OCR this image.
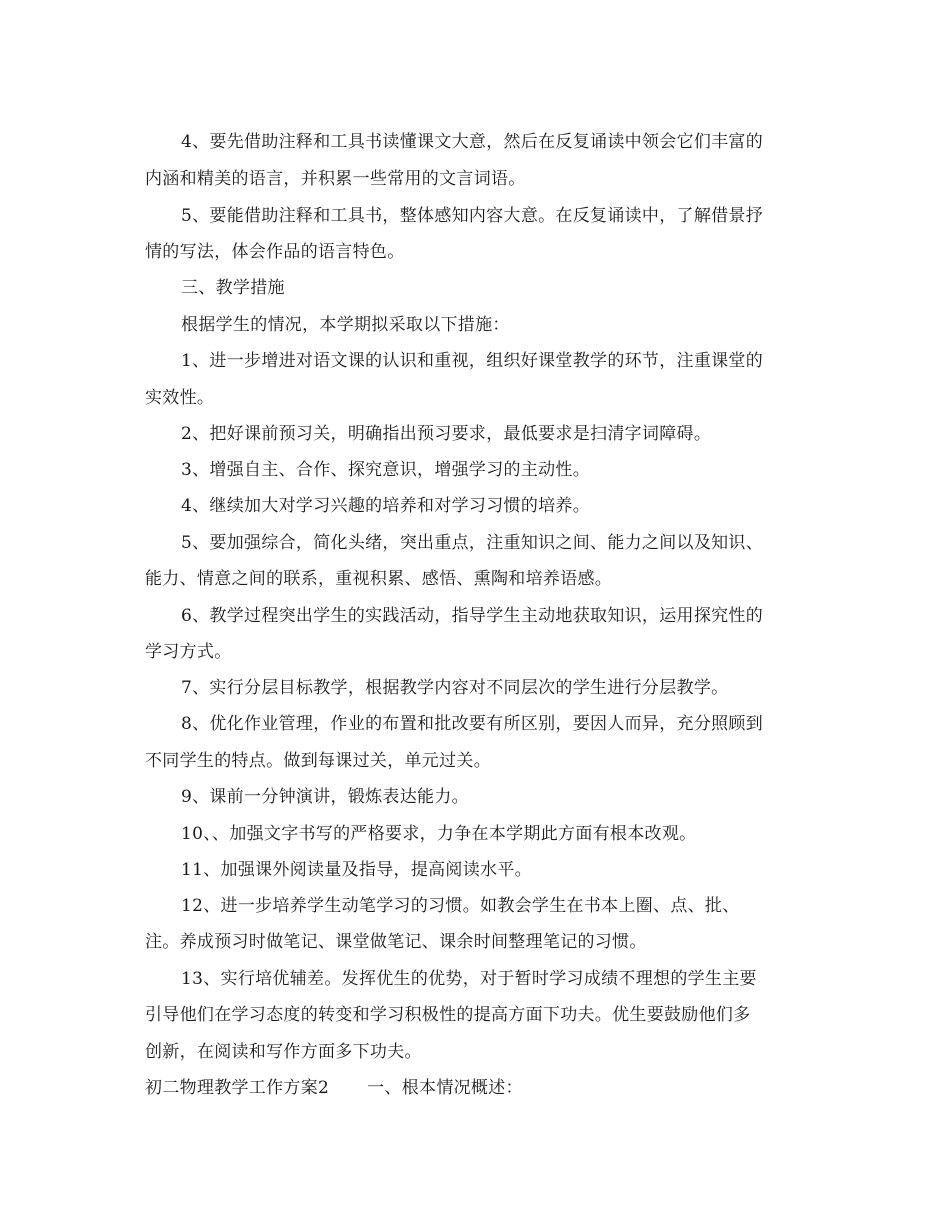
4、要先借助注释和工具书读懂课文大意，然后在反复诵读中领会它们丰富的
内涵和精美的语言，并积累一些常用的文言词语。
5、要能借助注释和工具书，整体感知内容大意。在反复诵读中，了解借景抒
情的写法，体会作品的语言特色。
三、教学措施
根据学生的情况，本学期拟采取以下措施：
1、进一步增进对语文课的认识和重视，组织好课堂教学的环节，注重课堂的
实效性。
2、把好课前预习关，明确指出预习要求，最低要求是扫清字词障碍。
3、增强自主、合作、探究意识，增强学习的主动性。
4、继续加大对学习兴趣的培养和对学习习惯的培养。
5、要加强综合，简化头绪，突出重点，注重知识之间、能力之间以及知识、
能力、情意之间的联系，重视积累、感悟、熏陶和培养语感。
6、教学过程突出学生的实践活动，指导学生主动地获取知识，运用探究性的
学习方式。
7、实行分层目标教学，根据教学内容对不同层次的学生进行分层教学。
8、优化作业管理，作业的布置和批改要有所区别，要因人而异，充分照顾到
不同学生的特点。做到每课过关，单元过关。
9、课前一分钟演讲，锻炼表达能力。
10、、加强文字书写的严格要求，力争在本学期此方面有根本改观。
11、加强课外阅读量及指导，提高阅读水平。
12、进一步培养学生动笔学习的习惯。如教会学生在书本上圈、点、批、
注。养成预习时做笔记、课堂做笔记、课余时间整理笔记的习惯。
13、实行培优辅差。发挥优生的优势，对于暂时学习成绩不理想的学生主要
引导他们在学习态度的转变和学习积极性的提高方面下功夫。优生要鼓励他们多
创新，在阅读和写作方面多下功夫。
初二物理教学工作方案2 一、根本情况概述：
